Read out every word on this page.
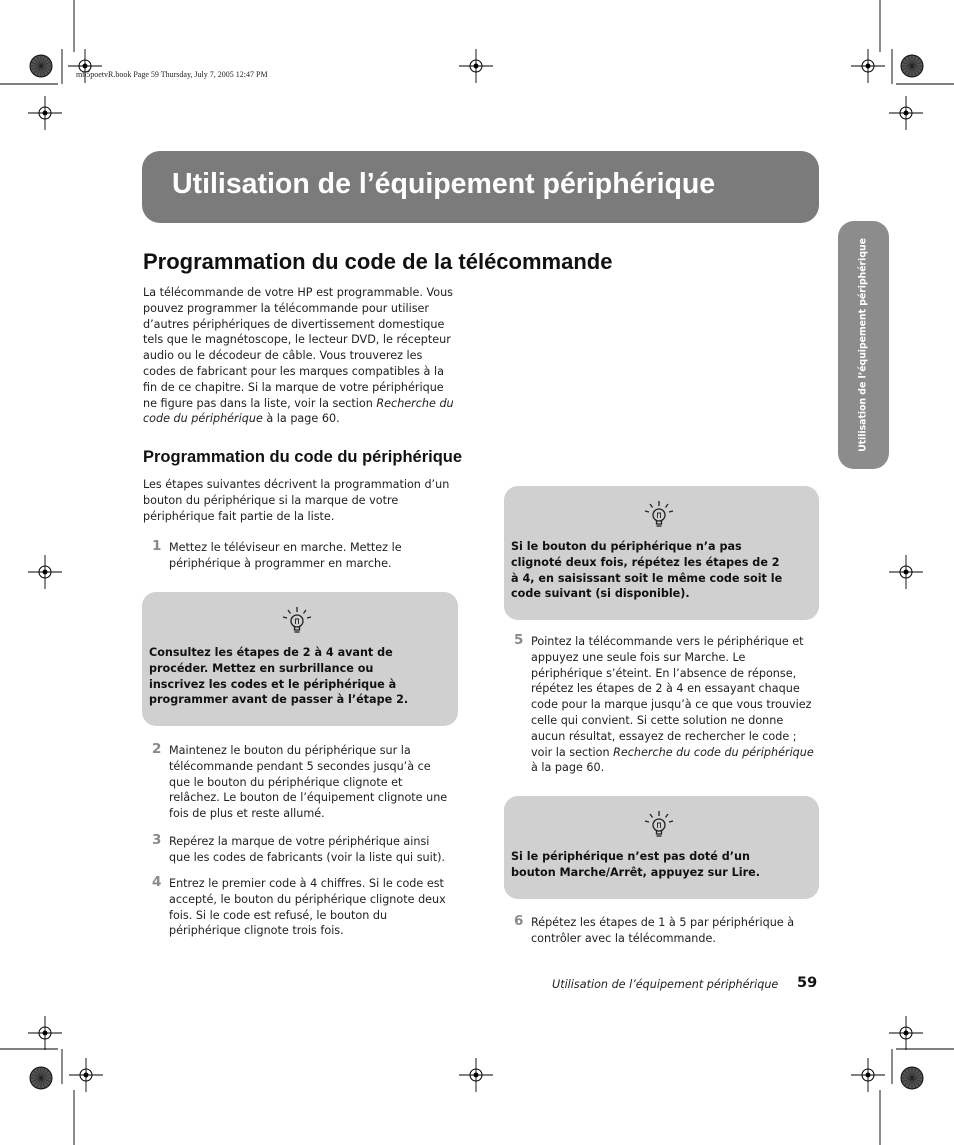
mb5poetvR.book Page 59 Thursday, July 7, 2005 12:47 PM
Utilisation de l’équipement périphérique
Utilisation de l’équipement périphérique
Programmation du code de la télécommande
La télécommande de votre HP est programmable. Vous
pouvez programmer la télécommande pour utiliser
d’autres périphériques de divertissement domestique
tels que le magnétoscope, le lecteur DVD, le récepteur
audio ou le décodeur de câble. Vous trouverez les
codes de fabricant pour les marques compatibles à la
fin de ce chapitre. Si la marque de votre périphérique
ne figure pas dans la liste, voir la section Recherche du
code du périphérique à la page 60.
Programmation du code du périphérique
Les étapes suivantes décrivent la programmation d’un
bouton du périphérique si la marque de votre
périphérique fait partie de la liste.
1 Mettez le téléviseur en marche. Mettez le
périphérique à programmer en marche.
Consultez les étapes de 2 à 4 avant de
procéder. Mettez en surbrillance ou
inscrivez les codes et le périphérique à
programmer avant de passer à l’étape 2.
2 Maintenez le bouton du périphérique sur la
télécommande pendant 5 secondes jusqu’à ce
que le bouton du périphérique clignote et
relâchez. Le bouton de l’équipement clignote une
fois de plus et reste allumé.
3 Repérez la marque de votre périphérique ainsi
que les codes de fabricants (voir la liste qui suit).
4 Entrez le premier code à 4 chiffres. Si le code est
accepté, le bouton du périphérique clignote deux
fois. Si le code est refusé, le bouton du
périphérique clignote trois fois.
Si le bouton du périphérique n’a pas
clignoté deux fois, répétez les étapes de 2
à 4, en saisissant soit le même code soit le
code suivant (si disponible).
5 Pointez la télécommande vers le périphérique et
appuyez une seule fois sur Marche. Le
périphérique s’éteint. En l’absence de réponse,
répétez les étapes de 2 à 4 en essayant chaque
code pour la marque jusqu’à ce que vous trouviez
celle qui convient. Si cette solution ne donne
aucun résultat, essayez de rechercher le code ;
voir la section Recherche du code du périphérique
à la page 60.
Si le périphérique n’est pas doté d’un
bouton Marche/Arrêt, appuyez sur Lire.
6 Répétez les étapes de 1 à 5 par périphérique à
contrôler avec la télécommande.
Utilisation de l’équipement périphérique 59
